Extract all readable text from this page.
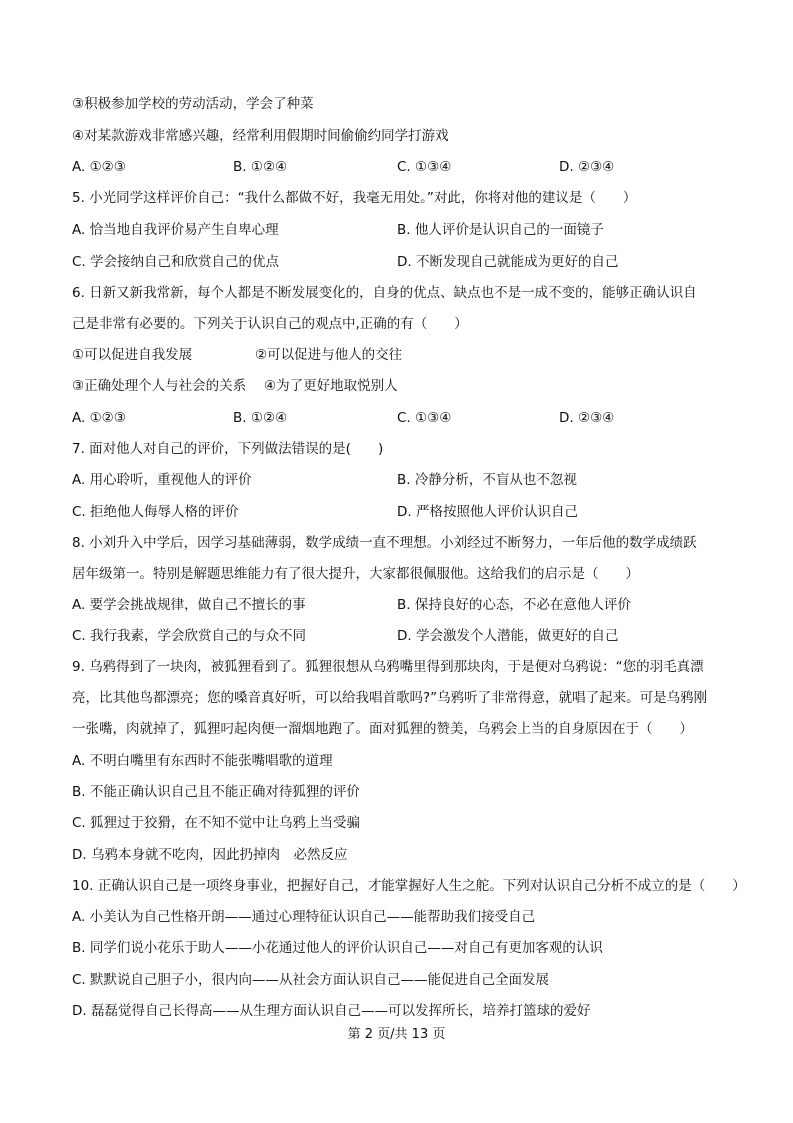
③积极参加学校的劳动活动，学会了种菜
④对某款游戏非常感兴趣，经常利用假期时间偷偷约同学打游戏
A. ①②③	B. ①②④	C. ①③④	D. ②③④
5. 小光同学这样评价自己：“我什么都做不好，我毫无用处。”对此，你将对他的建议是（　　）
A. 恰当地自我评价易产生自卑心理	B. 他人评价是认识自己的一面镜子
C. 学会接纳自己和欣赏自己的优点	D. 不断发现自己就能成为更好的自己
6. 日新又新我常新，每个人都是不断发展变化的，自身的优点、缺点也不是一成不变的，能够正确认识自
己是非常有必要的。下列关于认识自己的观点中,正确的有（　　）
①可以促进自我发展	②可以促进与他人的交往
③正确处理个人与社会的关系 ④为了更好地取悦别人
A. ①②③	B. ①②④	C. ①③④	D. ②③④
7. 面对他人对自己的评价，下列做法错误的是(　　)
A. 用心聆听，重视他人的评价	B. 冷静分析，不盲从也不忽视
C. 拒绝他人侮辱人格的评价	D. 严格按照他人评价认识自己
8. 小刘升入中学后，因学习基础薄弱，数学成绩一直不理想。小刘经过不断努力，一年后他的数学成绩跃
居年级第一。特别是解题思维能力有了很大提升，大家都很佩服他。这给我们的启示是（　　）
A. 要学会挑战规律，做自己不擅长的事	B. 保持良好的心态，不必在意他人评价
C. 我行我素，学会欣赏自己的与众不同	D. 学会激发个人潜能，做更好的自己
9. 乌鸦得到了一块肉，被狐狸看到了。狐狸很想从乌鸦嘴里得到那块肉，于是便对乌鸦说：“您的羽毛真漂
亮，比其他鸟都漂亮；您的嗓音真好听，可以给我唱首歌吗?”乌鸦听了非常得意，就唱了起来。可是乌鸦刚
一张嘴，肉就掉了，狐狸叼起肉便一溜烟地跑了。面对狐狸的赞美，乌鸦会上当的自身原因在于（　　）
A. 不明白嘴里有东西时不能张嘴唱歌的道理
B. 不能正确认识自己且不能正确对待狐狸的评价
C. 狐狸过于狡猾，在不知不觉中让乌鸦上当受骗
D. 乌鸦本身就不吃肉，因此扔掉肉　必然反应
10. 正确认识自己是一项终身事业，把握好自己，才能掌握好人生之舵。下列对认识自己分析不成立的是（　　）
A. 小美认为自己性格开朗——通过心理特征认识自己——能帮助我们接受自己
B. 同学们说小花乐于助人——小花通过他人的评价认识自己——对自己有更加客观的认识
C. 默默说自己胆子小，很内向——从社会方面认识自己——能促进自己全面发展
D. 磊磊觉得自己长得高——从生理方面认识自己——可以发挥所长，培养打篮球的爱好
第 2 页/共 13 页
